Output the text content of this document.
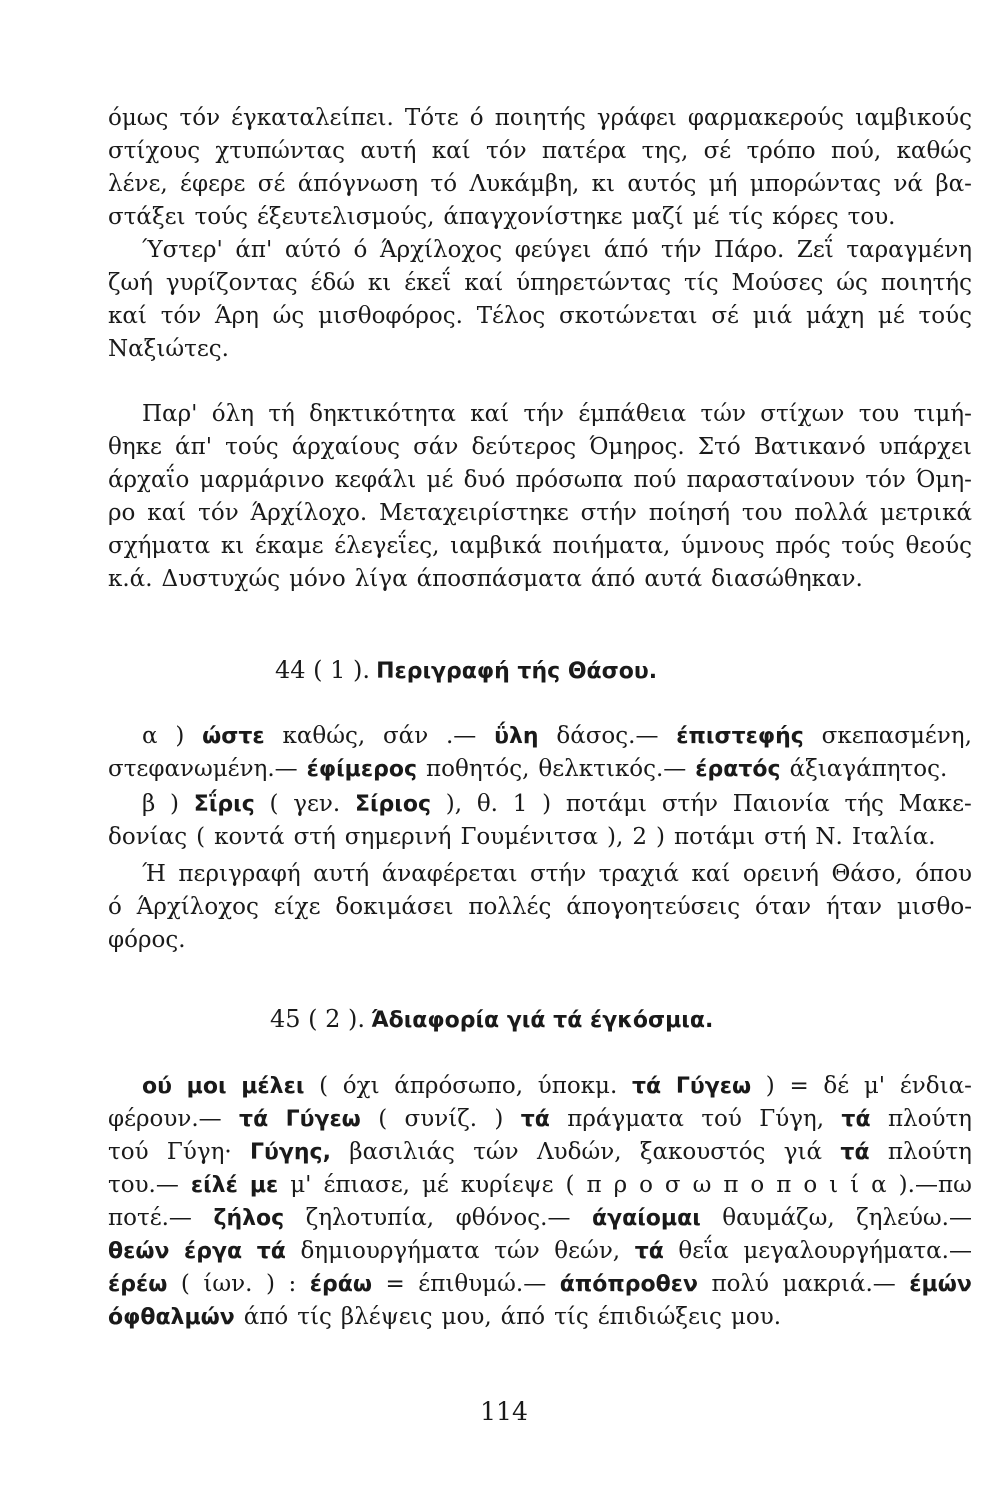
όμως τόν έγκαταλείπει. Τότε ό ποιητής γράφει φαρμακερούς ιαμβικούς
στίχους χτυπώντας αυτή καί τόν πατέρα της, σέ τρόπο πού, καθώς
λένε, έφερε σέ άπόγνωση τό Λυκάμβη, κι αυτός μή μπορώντας νά βα-
στάξει τούς έξευτελισμούς, άπαγχονίστηκε μαζί μέ τίς κόρες του.
Ύστερ' άπ' αύτό ό Άρχίλοχος φεύγει άπό τήν Πάρο. Ζεΐ ταραγμένη
ζωή γυρίζοντας έδώ κι έκεΐ καί ύπηρετώντας τίς Μούσες ώς ποιητής
καί τόν Άρη ώς μισθοφόρος. Τέλος σκοτώνεται σέ μιά μάχη μέ τούς
Ναξιώτες.
Παρ' όλη τή δηκτικότητα καί τήν έμπάθεια τών στίχων του τιμή-
θηκε άπ' τούς άρχαίους σάν δεύτερος Όμηρος. Στό Βατικανό υπάρχει
άρχαΐο μαρμάρινο κεφάλι μέ δυό πρόσωπα πού παρασταίνουν τόν Όμη-
ρο καί τόν Άρχίλοχο. Μεταχειρίστηκε στήν ποίησή του πολλά μετρικά
σχήματα κι έκαμε έλεγεΐες, ιαμβικά ποιήματα, ύμνους πρός τούς θεούς
κ.ά. Δυστυχώς μόνο λίγα άποσπάσματα άπό αυτά διασώθηκαν.
44 ( 1 ). Περιγραφή τής Θάσου.
α ) ώστε καθώς, σάν .— ΰλη δάσος.— έπιστεφής σκεπασμένη,
στεφανωμένη.— έφίμερος ποθητός, θελκτικός.— έρατός άξιαγάπητος.
β ) Σΐρις ( γεν. Σίριος ), θ. 1 ) ποτάμι στήν Παιονία τής Μακε-
δονίας ( κοντά στή σημερινή Γουμένιτσα ), 2 ) ποτάμι στή Ν. Ιταλία.
Ή περιγραφή αυτή άναφέρεται στήν τραχιά καί ορεινή Θάσο, όπου
ό Άρχίλοχος είχε δοκιμάσει πολλές άπογοητεύσεις όταν ήταν μισθο-
φόρος.
45 ( 2 ). Άδιαφορία γιά τά έγκόσμια.
ού μοι μέλει ( όχι άπρόσωπο, ύποκμ. τά Γύγεω ) = δέ μ' ένδια-
φέρουν.— τά Γύγεω ( συνίζ. ) τά πράγματα τού Γύγη, τά πλούτη
τού Γύγη· Γύγης, βασιλιάς τών Λυδών, ξακουστός γιά τά πλούτη
του.— είλέ με μ' έπιασε, μέ κυρίεψε ( π ρ ο σ ω π ο π ο ι ί α ).—πω
ποτέ.— ζήλος ζηλοτυπία, φθόνος.— άγαίομαι θαυμάζω, ζηλεύω.—
θεών έργα τά δημιουργήματα τών θεών, τά θεΐα μεγαλουργήματα.—
έρέω ( ίων. ) : έράω = έπιθυμώ.— άπόπροθεν πολύ μακριά.— έμών
όφθαλμών άπό τίς βλέψεις μου, άπό τίς έπιδιώξεις μου.
114
